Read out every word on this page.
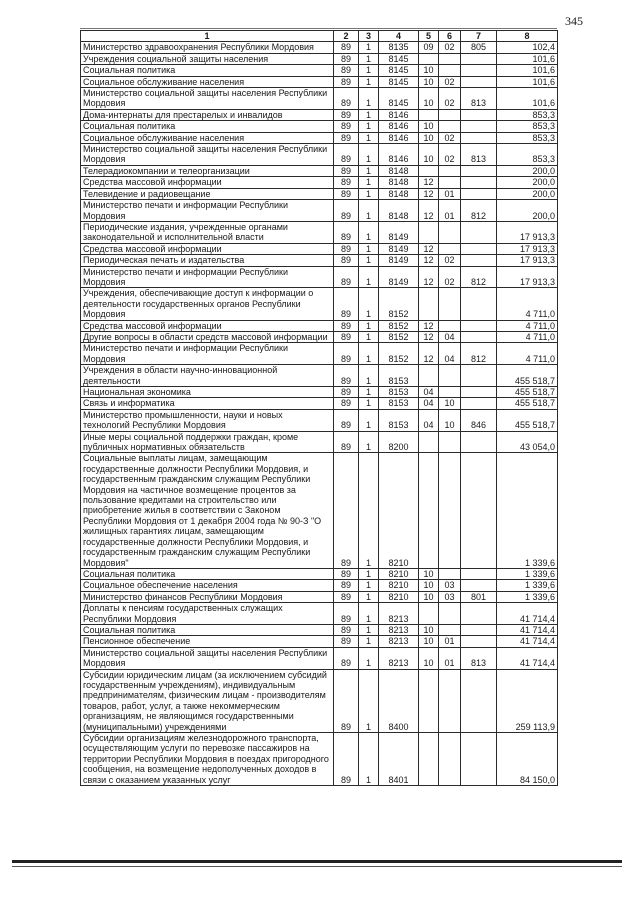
345
1	2	3	4	5	6	7	8
Министерство здравоохранения Республики Мордовия	89	1	8135	09	02	805	102,4
Учреждения социальной защиты населения	89	1	8145				101,6
Социальная политика	89	1	8145	10			101,6
Социальное обслуживание населения	89	1	8145	10	02		101,6
Министерство социальной защиты населения Республики Мордовия	89	1	8145	10	02	813	101,6
Дома-интернаты для престарелых и инвалидов	89	1	8146				853,3
Социальная политика	89	1	8146	10			853,3
Социальное обслуживание населения	89	1	8146	10	02		853,3
Министерство социальной защиты населения Республики Мордовия	89	1	8146	10	02	813	853,3
Телерадиокомпании и телеорганизации	89	1	8148				200,0
Средства массовой информации	89	1	8148	12			200,0
Телевидение и радиовещание	89	1	8148	12	01		200,0
Министерство печати и информации Республики Мордовия	89	1	8148	12	01	812	200,0
Периодические издания, учрежденные органами законодательной и исполнительной власти	89	1	8149				17 913,3
Средства массовой информации	89	1	8149	12			17 913,3
Периодическая печать и издательства	89	1	8149	12	02		17 913,3
Министерство печати и информации Республики Мордовия	89	1	8149	12	02	812	17 913,3
Учреждения, обеспечивающие доступ к информации о деятельности государственных органов Республики Мордовия	89	1	8152				4 711,0
Средства массовой информации	89	1	8152	12			4 711,0
Другие вопросы в области средств массовой информации	89	1	8152	12	04		4 711,0
Министерство печати и информации Республики Мордовия	89	1	8152	12	04	812	4 711,0
Учреждения в области научно-инновационной деятельности	89	1	8153				455 518,7
Национальная экономика	89	1	8153	04			455 518,7
Связь и информатика	89	1	8153	04	10		455 518,7
Министерство промышленности, науки и новых технологий Республики Мордовия	89	1	8153	04	10	846	455 518,7
Иные меры социальной поддержки граждан, кроме публичных нормативных обязательств	89	1	8200				43 054,0
Социальные выплаты лицам, замещающим государственные должности Республики Мордовия, и государственным гражданским служащим Республики Мордовия на частичное возмещение процентов за пользование кредитами на строительство или приобретение жилья в соответствии с Законом Республики Мордовия от 1 декабря 2004 года № 90-З "О жилищных гарантиях лицам, замещающим государственные должности Республики Мордовия, и государственным гражданским служащим Республики Мордовия"	89	1	8210				1 339,6
Социальная политика	89	1	8210	10			1 339,6
Социальное обеспечение населения	89	1	8210	10	03		1 339,6
Министерство финансов Республики Мордовия	89	1	8210	10	03	801	1 339,6
Доплаты к пенсиям государственных служащих Республики Мордовия	89	1	8213				41 714,4
Социальная политика	89	1	8213	10			41 714,4
Пенсионное обеспечение	89	1	8213	10	01		41 714,4
Министерство социальной защиты населения Республики Мордовия	89	1	8213	10	01	813	41 714,4
Субсидии юридическим лицам (за исключением субсидий государственным учреждениям), индивидуальным предпринимателям, физическим лицам - производителям товаров, работ, услуг, а также некоммерческим организациям, не являющимся государственными (муниципальными) учреждениями	89	1	8400				259 113,9
Субсидии организациям железнодорожного транспорта, осуществляющим услуги по перевозке пассажиров на территории Республики Мордовия в поездах пригородного сообщения, на возмещение недополученных доходов в связи с оказанием указанных услуг	89	1	8401				84 150,0
